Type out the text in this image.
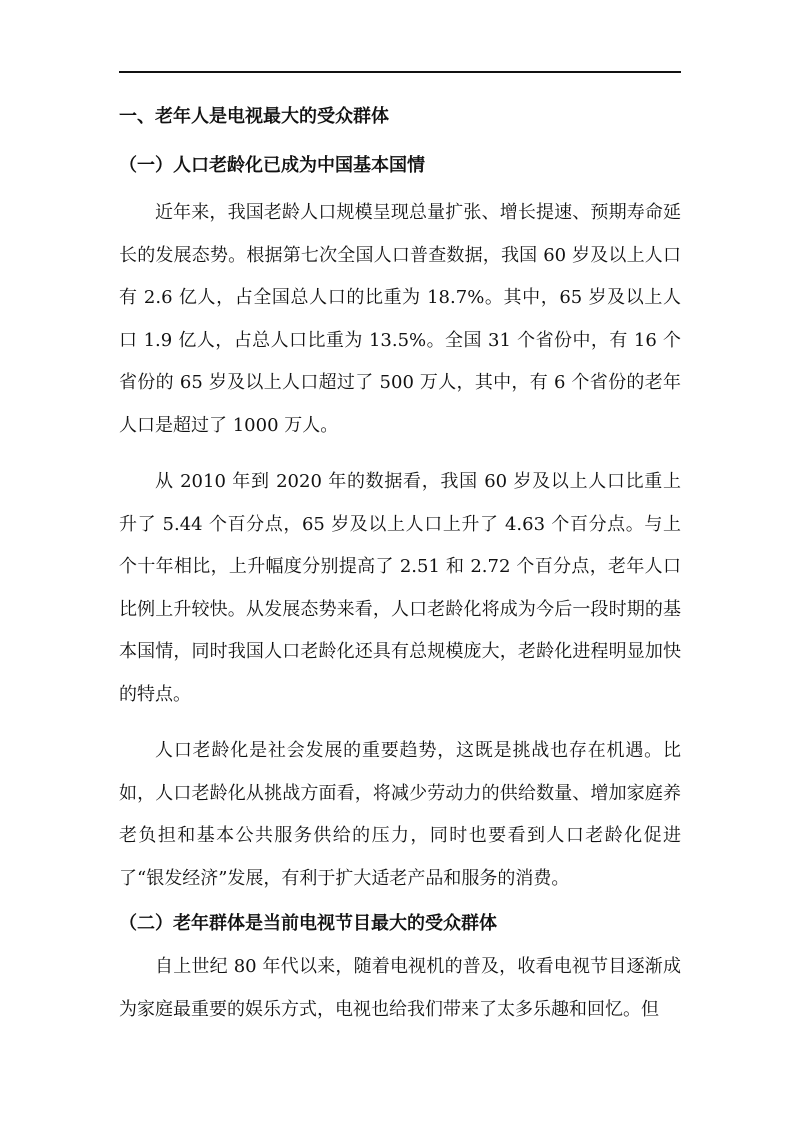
一、老年人是电视最大的受众群体
（一）人口老龄化已成为中国基本国情

近年来，我国老龄人口规模呈现总量扩张、增长提速、预期寿命延长的发展态势。根据第七次全国人口普查数据，我国 60 岁及以上人口有 2.6 亿人，占全国总人口的比重为 18.7%。其中，65 岁及以上人口 1.9 亿人，占总人口比重为 13.5%。全国 31 个省份中，有 16 个省份的 65 岁及以上人口超过了 500 万人，其中，有 6 个省份的老年人口是超过了 1000 万人。

从 2010 年到 2020 年的数据看，我国 60 岁及以上人口比重上升了 5.44 个百分点，65 岁及以上人口上升了 4.63 个百分点。与上个十年相比，上升幅度分别提高了 2.51 和 2.72 个百分点，老年人口比例上升较快。从发展态势来看，人口老龄化将成为今后一段时期的基本国情，同时我国人口老龄化还具有总规模庞大，老龄化进程明显加快的特点。

人口老龄化是社会发展的重要趋势，这既是挑战也存在机遇。比如，人口老龄化从挑战方面看，将减少劳动力的供给数量、增加家庭养老负担和基本公共服务供给的压力，同时也要看到人口老龄化促进了“银发经济”发展，有利于扩大适老产品和服务的消费。

（二）老年群体是当前电视节目最大的受众群体

自上世纪 80 年代以来，随着电视机的普及，收看电视节目逐渐成为家庭最重要的娱乐方式，电视也给我们带来了太多乐趣和回忆。但
